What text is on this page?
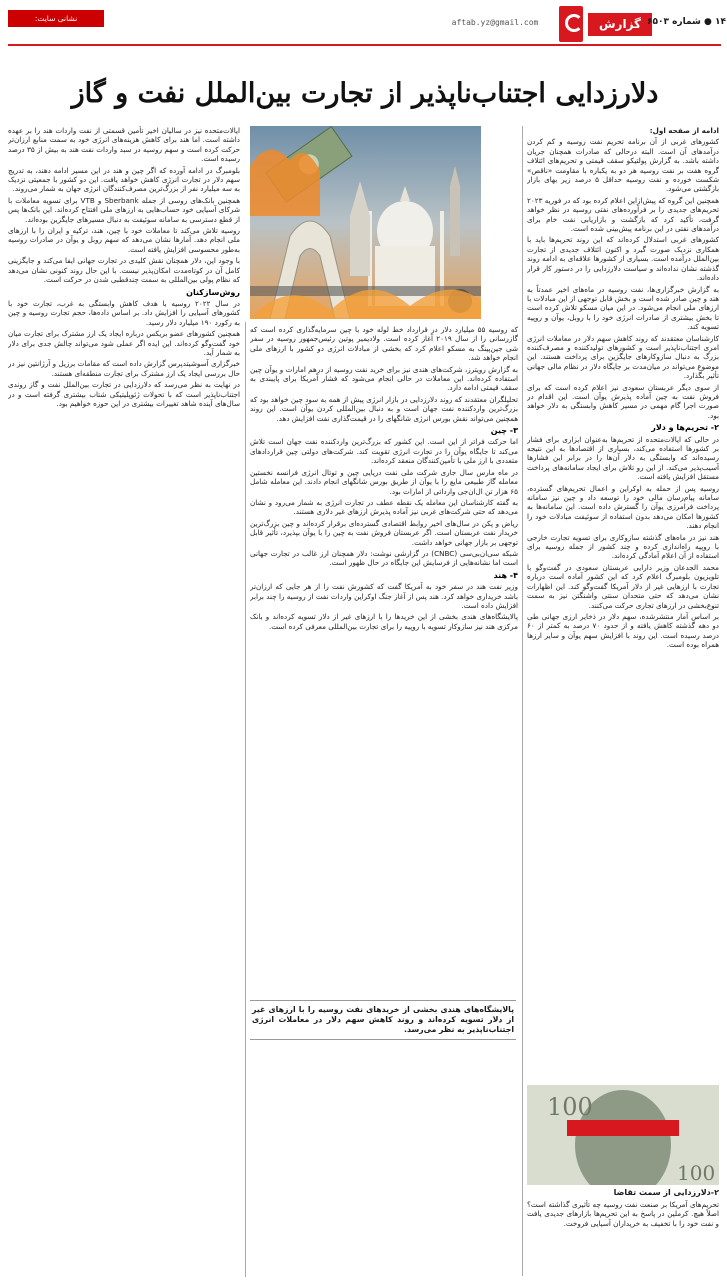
گزارش ۱۴ ● شماره ۶۵۰۳
aftab.yz@gmail.com
نشانی سایت: aftabeyazd.ir
دلارزدایی اجتناب‌ناپذیر از تجارت بین‌الملل نفت و گاز

ادامه از صفحه اول:

کشورهای غربی از آن برنامه تحریم نفت روسیه و کم کردن درآمدهای آن است. البته درحالی که صادرات همچنان جریان داشته باشد. به گزارش پولتیکو سقف قیمتی و تحریم‌های ائتلاف گروه هفت بر نفت روسیه هر دو به یکباره با مقاومت «ناقص» شکست خورده و نفت روسیه حداقل ۵ درصد زیر بهای بازار بازگشتی می‌شود.

همچنین این گروه که پیش‌ازاین اعلام کرده بود که در فوریه ۲۰۲۳ تحریم‌های جدیدی را بر فرآورده‌های نفتی روسیه در نظر خواهد گرفت، تأکید کرد که بازگشت و بازاریابی نفت خام برای درآمدهای نفتی در این برنامه پیش‌بینی شده است.

کشورهای غربی استدلال کرده‌اند که این روند تحریم‌ها باید با همکاری نزدیک صورت گیرد و اکنون ائتلاف جدیدی از تجارت بین‌الملل درآمده است. بسیاری از کشورها علاقه‌ای به ادامه روند گذشته نشان نداده‌اند و سیاست دلارزدایی را در دستور کار قرار داده‌اند.

به گزارش خبرگزاری‌ها، نفت روسیه در ماه‌های اخیر عمدتاً به هند و چین صادر شده است و بخش قابل توجهی از این مبادلات با ارزهای ملی انجام می‌شود. در این میان مسکو تلاش کرده است تا بخش بیشتری از صادرات انرژی خود را با روبل، یوآن و روپیه تسویه کند.

کارشناسان معتقدند که روند کاهش سهم دلار در معاملات انرژی امری اجتناب‌ناپذیر است و کشورهای تولیدکننده و مصرف‌کننده بزرگ به دنبال سازوکارهای جایگزین برای پرداخت هستند. این موضوع می‌تواند در میان‌مدت بر جایگاه دلار در نظام مالی جهانی تأثیر بگذارد.

از سوی دیگر عربستان سعودی نیز اعلام کرده است که برای فروش نفت به چین آماده پذیرش یوآن است. این اقدام در صورت اجرا گام مهمی در مسیر کاهش وابستگی به دلار خواهد بود.

۲- تحریم‌ها و دلار

در حالی که ایالات‌متحده از تحریم‌ها به‌عنوان ابزاری برای فشار بر کشورها استفاده می‌کند، بسیاری از اقتصادها به این نتیجه رسیده‌اند که وابستگی به دلار آن‌ها را در برابر این فشارها آسیب‌پذیر می‌کند. از این رو تلاش برای ایجاد سامانه‌های پرداخت مستقل افزایش یافته است.

روسیه پس از حمله به اوکراین و اعمال تحریم‌های گسترده، سامانه پیام‌رسان مالی خود را توسعه داد و چین نیز سامانه پرداخت فرامرزی یوآن را گسترش داده است. این سامانه‌ها به کشورها امکان می‌دهد بدون استفاده از سوئیفت مبادلات خود را انجام دهند.

هند نیز در ماه‌های گذشته سازوکاری برای تسویه تجارت خارجی با روپیه راه‌اندازی کرده و چند کشور از جمله روسیه برای استفاده از آن اعلام آمادگی کرده‌اند.

محمد الجدعان وزیر دارایی عربستان سعودی در گفت‌وگو با تلویزیون بلومبرگ اعلام کرد که این کشور آماده است درباره تجارت با ارزهایی غیر از دلار آمریکا گفت‌وگو کند. این اظهارات نشان می‌دهد که حتی متحدان سنتی واشنگتن نیز به سمت تنوع‌بخشی در ارزهای تجاری حرکت می‌کنند.

بر اساس آمار منتشرشده، سهم دلار در ذخایر ارزی جهانی طی دو دهه گذشته کاهش یافته و از حدود ۷۰ درصد به کمتر از ۶۰ درصد رسیده است. این روند با افزایش سهم یوآن و سایر ارزها همراه بوده است.

که روسیه ۵۵ میلیارد دلار در قرارداد خط لوله خود با چین سرمایه‌گذاری کرده است که گازرسانی را از سال ۲۰۱۹ آغاز کرده است. ولادیمیر پوتین رئیس‌جمهور روسیه در سفر شی جین‌پینگ به مسکو اعلام کرد که بخشی از مبادلات انرژی دو کشور با ارزهای ملی انجام خواهد شد.

به گزارش رویترز، شرکت‌های هندی نیز برای خرید نفت روسیه از درهم امارات و یوآن چین استفاده کرده‌اند. این معاملات در حالی انجام می‌شود که فشار آمریکا برای پایبندی به سقف قیمتی ادامه دارد.

تحلیلگران معتقدند که روند دلارزدایی در بازار انرژی پیش از همه به سود چین خواهد بود که بزرگ‌ترین واردکننده نفت جهان است و به دنبال بین‌المللی کردن یوآن است. این روند همچنین می‌تواند نقش بورس انرژی شانگهای را در قیمت‌گذاری نفت افزایش دهد.

۳- چین

اما حرکت فراتر از این است. این کشور که بزرگ‌ترین واردکننده نفت جهان است تلاش می‌کند تا جایگاه یوآن را در تجارت انرژی تقویت کند. شرکت‌های دولتی چین قراردادهای متعددی با ارز ملی با تأمین‌کنندگان منعقد کرده‌اند.

در ماه مارس سال جاری شرکت ملی نفت دریایی چین و توتال انرژی فرانسه نخستین معامله گاز طبیعی مایع را با یوآن از طریق بورس شانگهای انجام دادند. این معامله شامل ۶۵ هزار تن ال‌ان‌جی وارداتی از امارات بود.

به گفته کارشناسان این معامله یک نقطه عطف در تجارت انرژی به شمار می‌رود و نشان می‌دهد که حتی شرکت‌های غربی نیز آماده پذیرش ارزهای غیر دلاری هستند.

ریاض و پکن در سال‌های اخیر روابط اقتصادی گسترده‌ای برقرار کرده‌اند و چین بزرگ‌ترین خریدار نفت عربستان است. اگر عربستان فروش نفت به چین را با یوآن بپذیرد، تأثیر قابل توجهی بر بازار جهانی خواهد داشت.

شبکه سی‌ان‌بی‌سی (CNBC) در گزارشی نوشت: دلار همچنان ارز غالب در تجارت جهانی است اما نشانه‌هایی از فرسایش این جایگاه در حال ظهور است.

۴- هند

وزیر نفت هند در سفر خود به آمریکا گفت که کشورش نفت را از هر جایی که ارزان‌تر باشد خریداری خواهد کرد. هند پس از آغاز جنگ اوکراین واردات نفت از روسیه را چند برابر افزایش داده است.

پالایشگاه‌های هندی بخشی از این خریدها را با ارزهای غیر از دلار تسویه کرده‌اند و بانک مرکزی هند نیز سازوکار تسویه با روپیه را برای تجارت بین‌المللی معرفی کرده است.

ایالات‌متحده نیز در سالیان اخیر تأمین قسمتی از نفت واردات هند را بر عهده داشته است. اما هند برای کاهش هزینه‌های انرژی خود به سمت منابع ارزان‌تر حرکت کرده است و سهم روسیه در سبد واردات نفت هند به بیش از ۳۵ درصد رسیده است.

بلومبرگ در ادامه آورده که اگر چین و هند در این مسیر ادامه دهند، به تدریج سهم دلار در تجارت انرژی کاهش خواهد یافت. این دو کشور با جمعیتی نزدیک به سه میلیارد نفر از بزرگ‌ترین مصرف‌کنندگان انرژی جهان به شمار می‌روند.

همچنین بانک‌های روسی از جمله Sberbank و VTB برای تسویه معاملات با شرکای آسیایی خود حساب‌هایی به ارزهای ملی افتتاح کرده‌اند. این بانک‌ها پس از قطع دسترسی به سامانه سوئیفت به دنبال مسیرهای جایگزین بوده‌اند.

روسیه تلاش می‌کند تا معاملات خود با چین، هند، ترکیه و ایران را با ارزهای ملی انجام دهد. آمارها نشان می‌دهد که سهم روبل و یوآن در صادرات روسیه به‌طور محسوسی افزایش یافته است.

با وجود این، دلار همچنان نقش کلیدی در تجارت جهانی ایفا می‌کند و جایگزینی کامل آن در کوتاه‌مدت امکان‌پذیر نیست. با این حال روند کنونی نشان می‌دهد که نظام پولی بین‌المللی به سمت چندقطبی شدن در حرکت است.

روش‌سازکنان

در سال ۲۰۲۲ روسیه با هدف کاهش وابستگی به غرب، تجارت خود با کشورهای آسیایی را افزایش داد. بر اساس داده‌ها، حجم تجارت روسیه و چین به رکورد ۱۹۰ میلیارد دلار رسید.

همچنین کشورهای عضو بریکس درباره ایجاد یک ارز مشترک برای تجارت میان خود گفت‌وگو کرده‌اند. این ایده اگر عملی شود می‌تواند چالش جدی برای دلار به شمار آید.

خبرگزاری آسوشیتدپرس گزارش داده است که مقامات برزیل و آرژانتین نیز در حال بررسی ایجاد یک ارز مشترک برای تجارت منطقه‌ای هستند.

در نهایت به نظر می‌رسد که دلارزدایی در تجارت بین‌الملل نفت و گاز روندی اجتناب‌ناپذیر است که با تحولات ژئوپلیتیکی شتاب بیشتری گرفته است و در سال‌های آینده شاهد تغییرات بیشتری در این حوزه خواهیم بود.

پالایشگاه‌های هندی بخشی از خریدهای نفت روسیه را با ارزهای غیر از دلار تسویه کرده‌اند و روند کاهش سهم دلار در معاملات انرژی اجتناب‌ناپذیر به نظر می‌رسد.
100
100
۲-دلارزدایی از سمت تقاضا
تحریم‌های آمریکا بر صنعت نفت روسیه چه تأثیری گذاشته است؟ اصلاً هیچ. کرملین در پاسخ به این تحریم‌ها بازارهای جدیدی یافت و نفت خود را با تخفیف به خریداران آسیایی فروخت.
